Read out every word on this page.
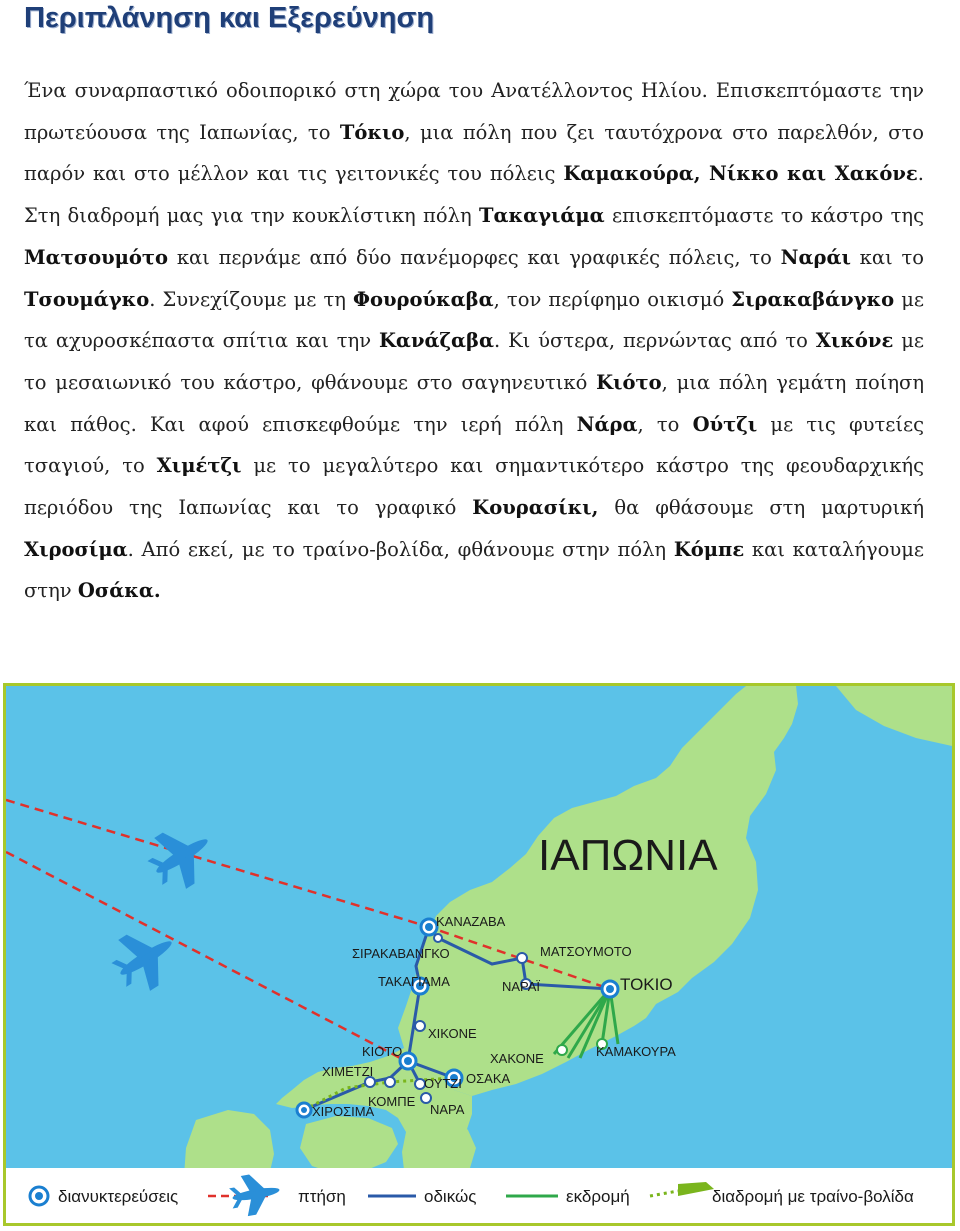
Περιπλάνηση και Εξερεύνηση

Ένα συναρπαστικό οδοιπορικό στη χώρα του Ανατέλλοντος Ηλίου. Επισκεπτόμαστε την πρωτεύουσα της Ιαπωνίας, το Τόκιο, μια πόλη που ζει ταυτόχρονα στο παρελθόν, στο παρόν και στο μέλλον και τις γειτονικές του πόλεις Καμακούρα, Νίκκο και Χακόνε. Στη διαδρομή μας για την κουκλίστικη πόλη Τακαγιάμα επισκεπτόμαστε το κάστρο της Ματσουμότο και περνάμε από δύο πανέμορφες και γραφικές πόλεις, το Ναράι και το Τσουμάγκο. Συνεχίζουμε με τη Φουρούκαβα, τον περίφημο οικισμό Σιρακαβάνγκο με τα αχυροσκέπαστα σπίτια και την Κανάζαβα. Κι ύστερα, περνώντας από το Χικόνε με το μεσαιωνικό του κάστρο, φθάνουμε στο σαγηνευτικό Κιότο, μια πόλη γεμάτη ποίηση και πάθος. Και αφού επισκεφθούμε την ιερή πόλη Νάρα, το Ούτζι με τις φυτείες τσαγιού, το Χιμέτζι με το μεγαλύτερο και σημαντικότερο κάστρο της φεουδαρχικής περιόδου της Ιαπωνίας και το γραφικό Κουρασίκι, θα φθάσουμε στη μαρτυρική Χιροσίμα. Από εκεί, με το τραίνο-βολίδα, φθάνουμε στην πόλη Κόμπε και καταλήγουμε στην Οσάκα.

ΙΑΠΩΝΙΑ
ΚΑΝΑΖΑΒΑ
ΣΙΡΑΚΑΒΑΝΓΚΟ	ΜΑΤΣΟΥΜΟΤΟ
ΤΟΚΙΟ
ΤΑΚΑΓΙΑΜΑ	ΝΑΡΑΪ
ΧΙΚΟΝΕ
ΚΙΟΤΟ	ΧΑΚΟΝΕ	ΚΑΜΑΚΟΥΡΑ
ΧΙΜΕΤΖΙ
ΟΥΤΖΙ ΟΣΑΚΑ
ΚΟΜΠΕ
ΝΑΡΑ
ΧΙΡΟΣΙΜΑ
διανυκτερεύσεις	πτήση	οδικώς	εκδρομή	διαδρομή με τραίνο-βολίδα
